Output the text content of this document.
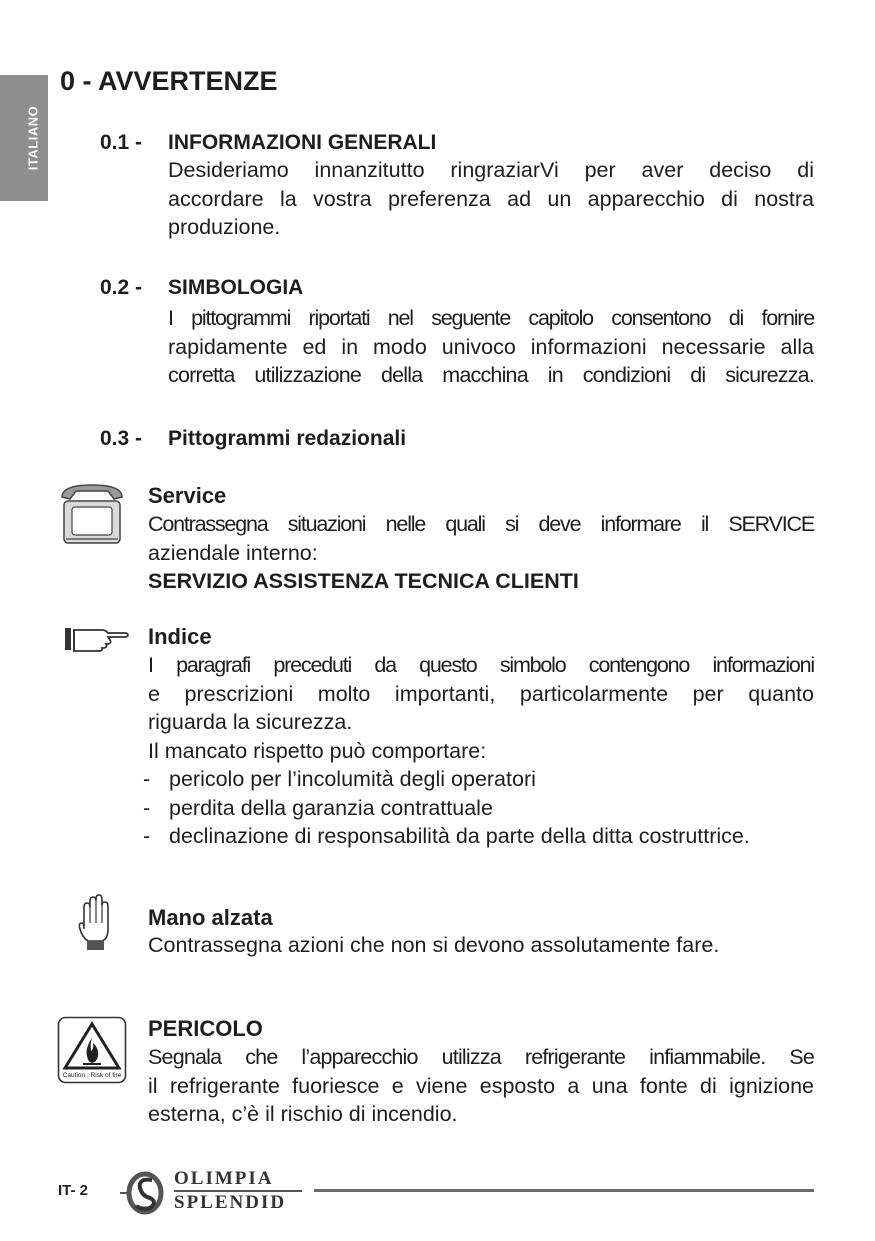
ITALIANO
0 - AVVERTENZE
0.1 - INFORMAZIONI GENERALI
Desideriamo innanzitutto ringraziarVi per aver deciso di
accordare la vostra preferenza ad un apparecchio di nostra
produzione.
0.2 - SIMBOLOGIA
I pittogrammi riportati nel seguente capitolo consentono di fornire
rapidamente ed in modo univoco informazioni necessarie alla
corretta utilizzazione della macchina in condizioni di sicurezza.
0.3 - Pittogrammi redazionali
Service
Contrassegna situazioni nelle quali si deve informare il SERVICE
aziendale interno:
SERVIZIO ASSISTENZA TECNICA CLIENTI
Indice
I paragrafi preceduti da questo simbolo contengono informazioni
e prescrizioni molto importanti, particolarmente per quanto
riguarda la sicurezza.
Il mancato rispetto può comportare:
- pericolo per l’incolumità degli operatori
- perdita della garanzia contrattuale
- declinazione di responsabilità da parte della ditta costruttrice.
Mano alzata
Contrassegna azioni che non si devono assolutamente fare.
Caution : Risk of fire
PERICOLO
Segnala che l’apparecchio utilizza refrigerante infiammabile. Se
il refrigerante fuoriesce e viene esposto a una fonte di ignizione
esterna, c’è il rischio di incendio.
IT- 2
OLIMPIA
SPLENDID
